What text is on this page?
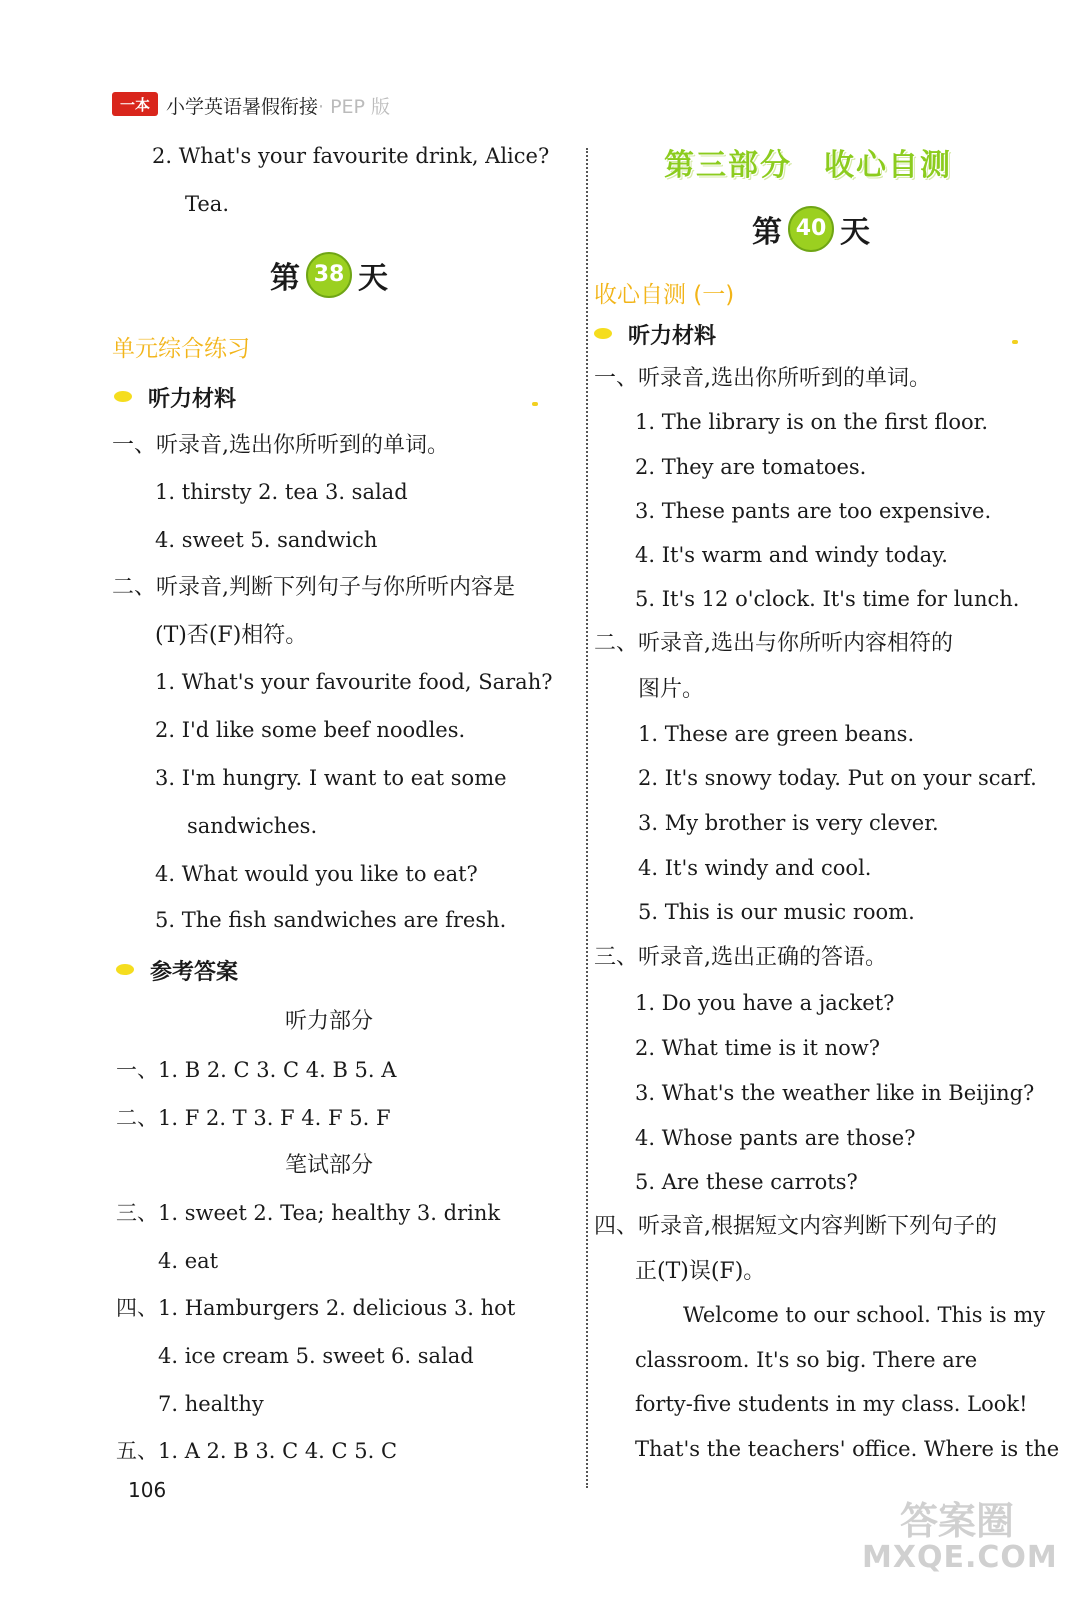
一本 小学英语暑假衔接· PEP 版
2. What's your favourite drink, Alice?
Tea.
第 38 天
单元综合练习
听力材料
一、听录音,选出你所听到的单词。
1. thirsty 2. tea 3. salad
4. sweet 5. sandwich
二、听录音,判断下列句子与你所听内容是
(T)否(F)相符。
1. What's your favourite food, Sarah?
2. I'd like some beef noodles.
3. I'm hungry. I want to eat some
sandwiches.
4. What would you like to eat?
5. The fish sandwiches are fresh.
参考答案
听力部分
一、1. B 2. C 3. C 4. B 5. A
二、1. F 2. T 3. F 4. F 5. F
笔试部分
三、1. sweet 2. Tea; healthy 3. drink
4. eat
四、1. Hamburgers 2. delicious 3. hot
4. ice cream 5. sweet 6. salad
7. healthy
五、1. A 2. B 3. C 4. C 5. C
106
第三部分　收心自测
第 40 天
收心自测 (一)
听力材料
一、听录音,选出你所听到的单词。
1. The library is on the first floor.
2. They are tomatoes.
3. These pants are too expensive.
4. It's warm and windy today.
5. It's 12 o'clock. It's time for lunch.
二、听录音,选出与你所听内容相符的
图片。
1. These are green beans.
2. It's snowy today. Put on your scarf.
3. My brother is very clever.
4. It's windy and cool.
5. This is our music room.
三、听录音,选出正确的答语。
1. Do you have a jacket?
2. What time is it now?
3. What's the weather like in Beijing?
4. Whose pants are those?
5. Are these carrots?
四、听录音,根据短文内容判断下列句子的
正(T)误(F)。
Welcome to our school. This is my
classroom. It's so big. There are
forty-five students in my class. Look!
That's the teachers' office. Where is the
答案圈
MXQE.COM
